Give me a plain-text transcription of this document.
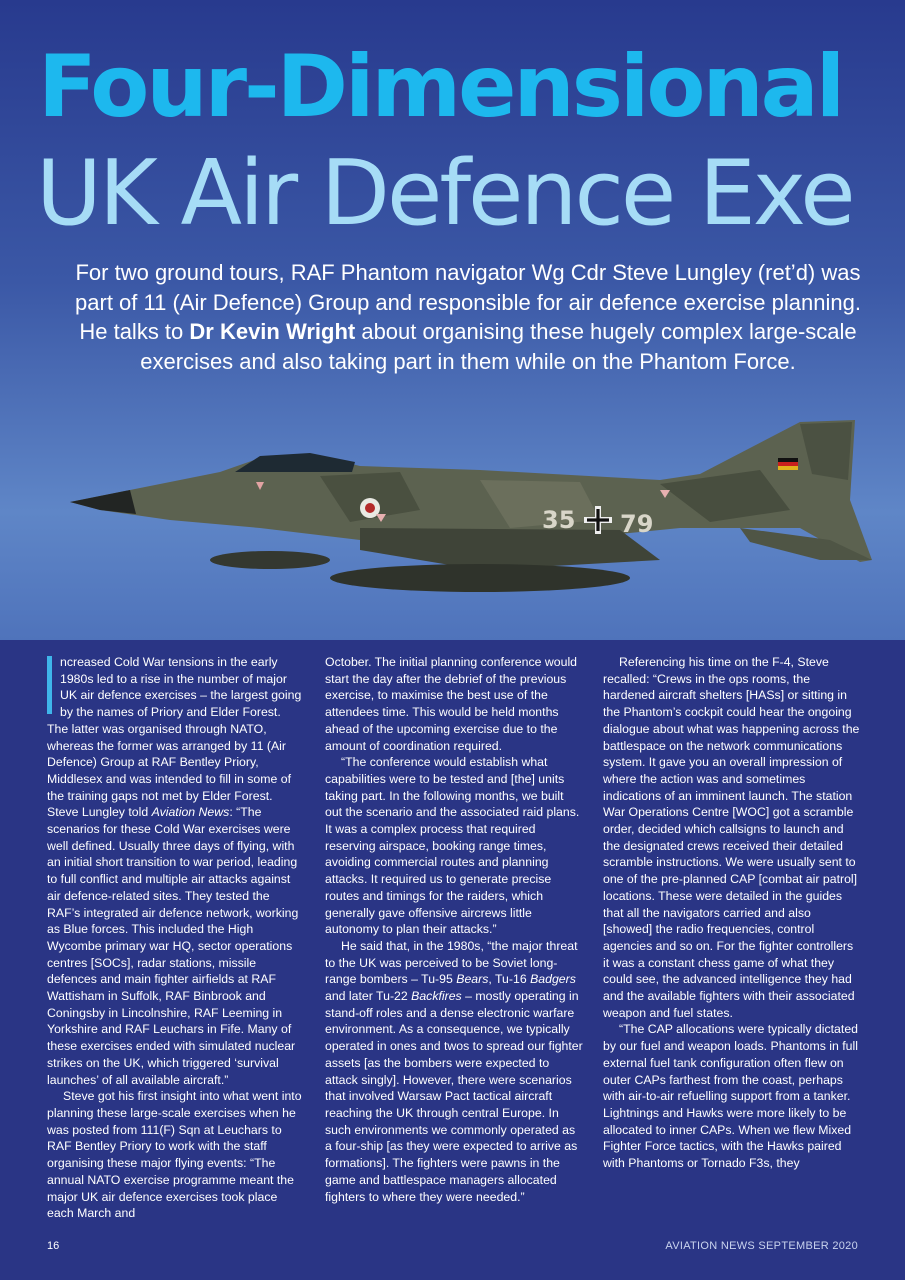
Four-Dimensional
UK Air Defence Exe
For two ground tours, RAF Phantom navigator Wg Cdr Steve Lungley (ret’d) was part of 11 (Air Defence) Group and responsible for air defence exercise planning. He talks to Dr Kevin Wright about organising these hugely complex large-scale exercises and also taking part in them while on the Phantom Force.
35 79

ncreased Cold War tensions in the early 1980s led to a rise in the number of major UK air defence exercises – the largest going by the names of Priory and Elder Forest. The latter was organised through NATO, whereas the former was arranged by 11 (Air Defence) Group at RAF Bentley Priory, Middlesex and was intended to fill in some of the training gaps not met by Elder Forest. Steve Lungley told Aviation News: “The scenarios for these Cold War exercises were well defined. Usually three days of flying, with an initial short transition to war period, leading to full conflict and multiple air attacks against air defence-related sites. They tested the RAF’s integrated air defence network, working as Blue forces. This included the High Wycombe primary war HQ, sector operations centres [SOCs], radar stations, missile defences and main fighter airfields at RAF Wattisham in Suffolk, RAF Binbrook and Coningsby in Lincolnshire, RAF Leeming in Yorkshire and RAF Leuchars in Fife. Many of these exercises ended with simulated nuclear strikes on the UK, which triggered ‘survival launches’ of all available aircraft.”

Steve got his first insight into what went into planning these large-scale exercises when he was posted from 111(F) Sqn at Leuchars to RAF Bentley Priory to work with the staff organising these major flying events: “The annual NATO exercise programme meant the major UK air defence exercises took place each March and

October. The initial planning conference would start the day after the debrief of the previous exercise, to maximise the best use of the attendees time. This would be held months ahead of the upcoming exercise due to the amount of coordination required.

“The conference would establish what capabilities were to be tested and [the] units taking part. In the following months, we built out the scenario and the associated raid plans. It was a complex process that required reserving airspace, booking range times, avoiding commercial routes and planning attacks. It required us to generate precise routes and timings for the raiders, which generally gave offensive aircrews little autonomy to plan their attacks.”

He said that, in the 1980s, “the major threat to the UK was perceived to be Soviet long-range bombers – Tu-95 Bears, Tu-16 Badgers and later Tu-22 Backfires – mostly operating in stand-off roles and a dense electronic warfare environment. As a consequence, we typically operated in ones and twos to spread our fighter assets [as the bombers were expected to attack singly]. However, there were scenarios that involved Warsaw Pact tactical aircraft reaching the UK through central Europe. In such environments we commonly operated as a four-ship [as they were expected to arrive as formations]. The fighters were pawns in the game and battlespace managers allocated fighters to where they were needed.”

Referencing his time on the F-4, Steve recalled: “Crews in the ops rooms, the hardened aircraft shelters [HASs] or sitting in the Phantom’s cockpit could hear the ongoing dialogue about what was happening across the battlespace on the network communications system. It gave you an overall impression of where the action was and sometimes indications of an imminent launch. The station War Operations Centre [WOC] got a scramble order, decided which callsigns to launch and the designated crews received their detailed scramble instructions. We were usually sent to one of the pre-planned CAP [combat air patrol] locations. These were detailed in the guides that all the navigators carried and also [showed] the radio frequencies, control agencies and so on. For the fighter controllers it was a constant chess game of what they could see, the advanced intelligence they had and the available fighters with their associated weapon and fuel states.

“The CAP allocations were typically dictated by our fuel and weapon loads. Phantoms in full external fuel tank configuration often flew on outer CAPs farthest from the coast, perhaps with air-to-air refuelling support from a tanker. Lightnings and Hawks were more likely to be allocated to inner CAPs. When we flew Mixed Fighter Force tactics, with the Hawks paired with Phantoms or Tornado F3s, they

16	AVIATION NEWS SEPTEMBER 2020
